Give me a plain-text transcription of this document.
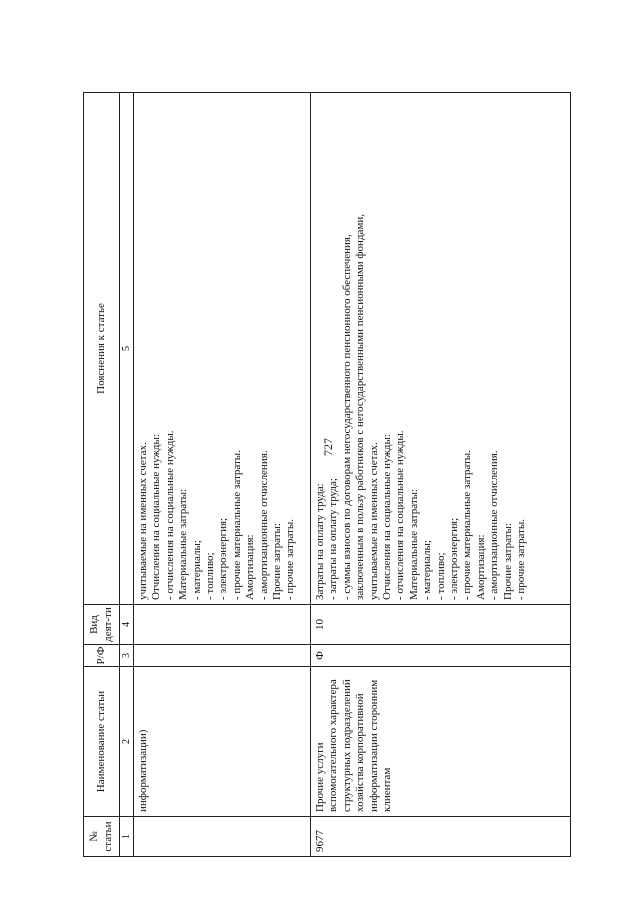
727
№ статьи
Наименование статьи
Р/Ф
Вид деят-ти
Пояснения к статье
1
2
3
4
5
информатизации)
учитываемые на именных счетах. Отчисления на социальные нужды: - отчисления на социальные нужды. Материальные затраты: - материалы; - топливо; - электроэнергия; - прочие материальные затраты. Амортизация: - амортизационные отчисления. Прочие затраты: - прочие затраты.
9677
Прочие услуги вспомогательного характера структурных подразделений хозяйства корпоративной информатизации сторонним клиентам
Ф
10
Затраты на оплату труда: - затраты на оплату труда; - суммы взносов по договорам негосударственного пенсионного обеспечения, заключенным в пользу работников с негосударственными пенсионными фондами, учитываемые на именных счетах. Отчисления на социальные нужды: - отчисления на социальные нужды. Материальные затраты: - материалы; - топливо; - электроэнергия; - прочие материальные затраты. Амортизация: - амортизационные отчисления. Прочие затраты: - прочие затраты.
